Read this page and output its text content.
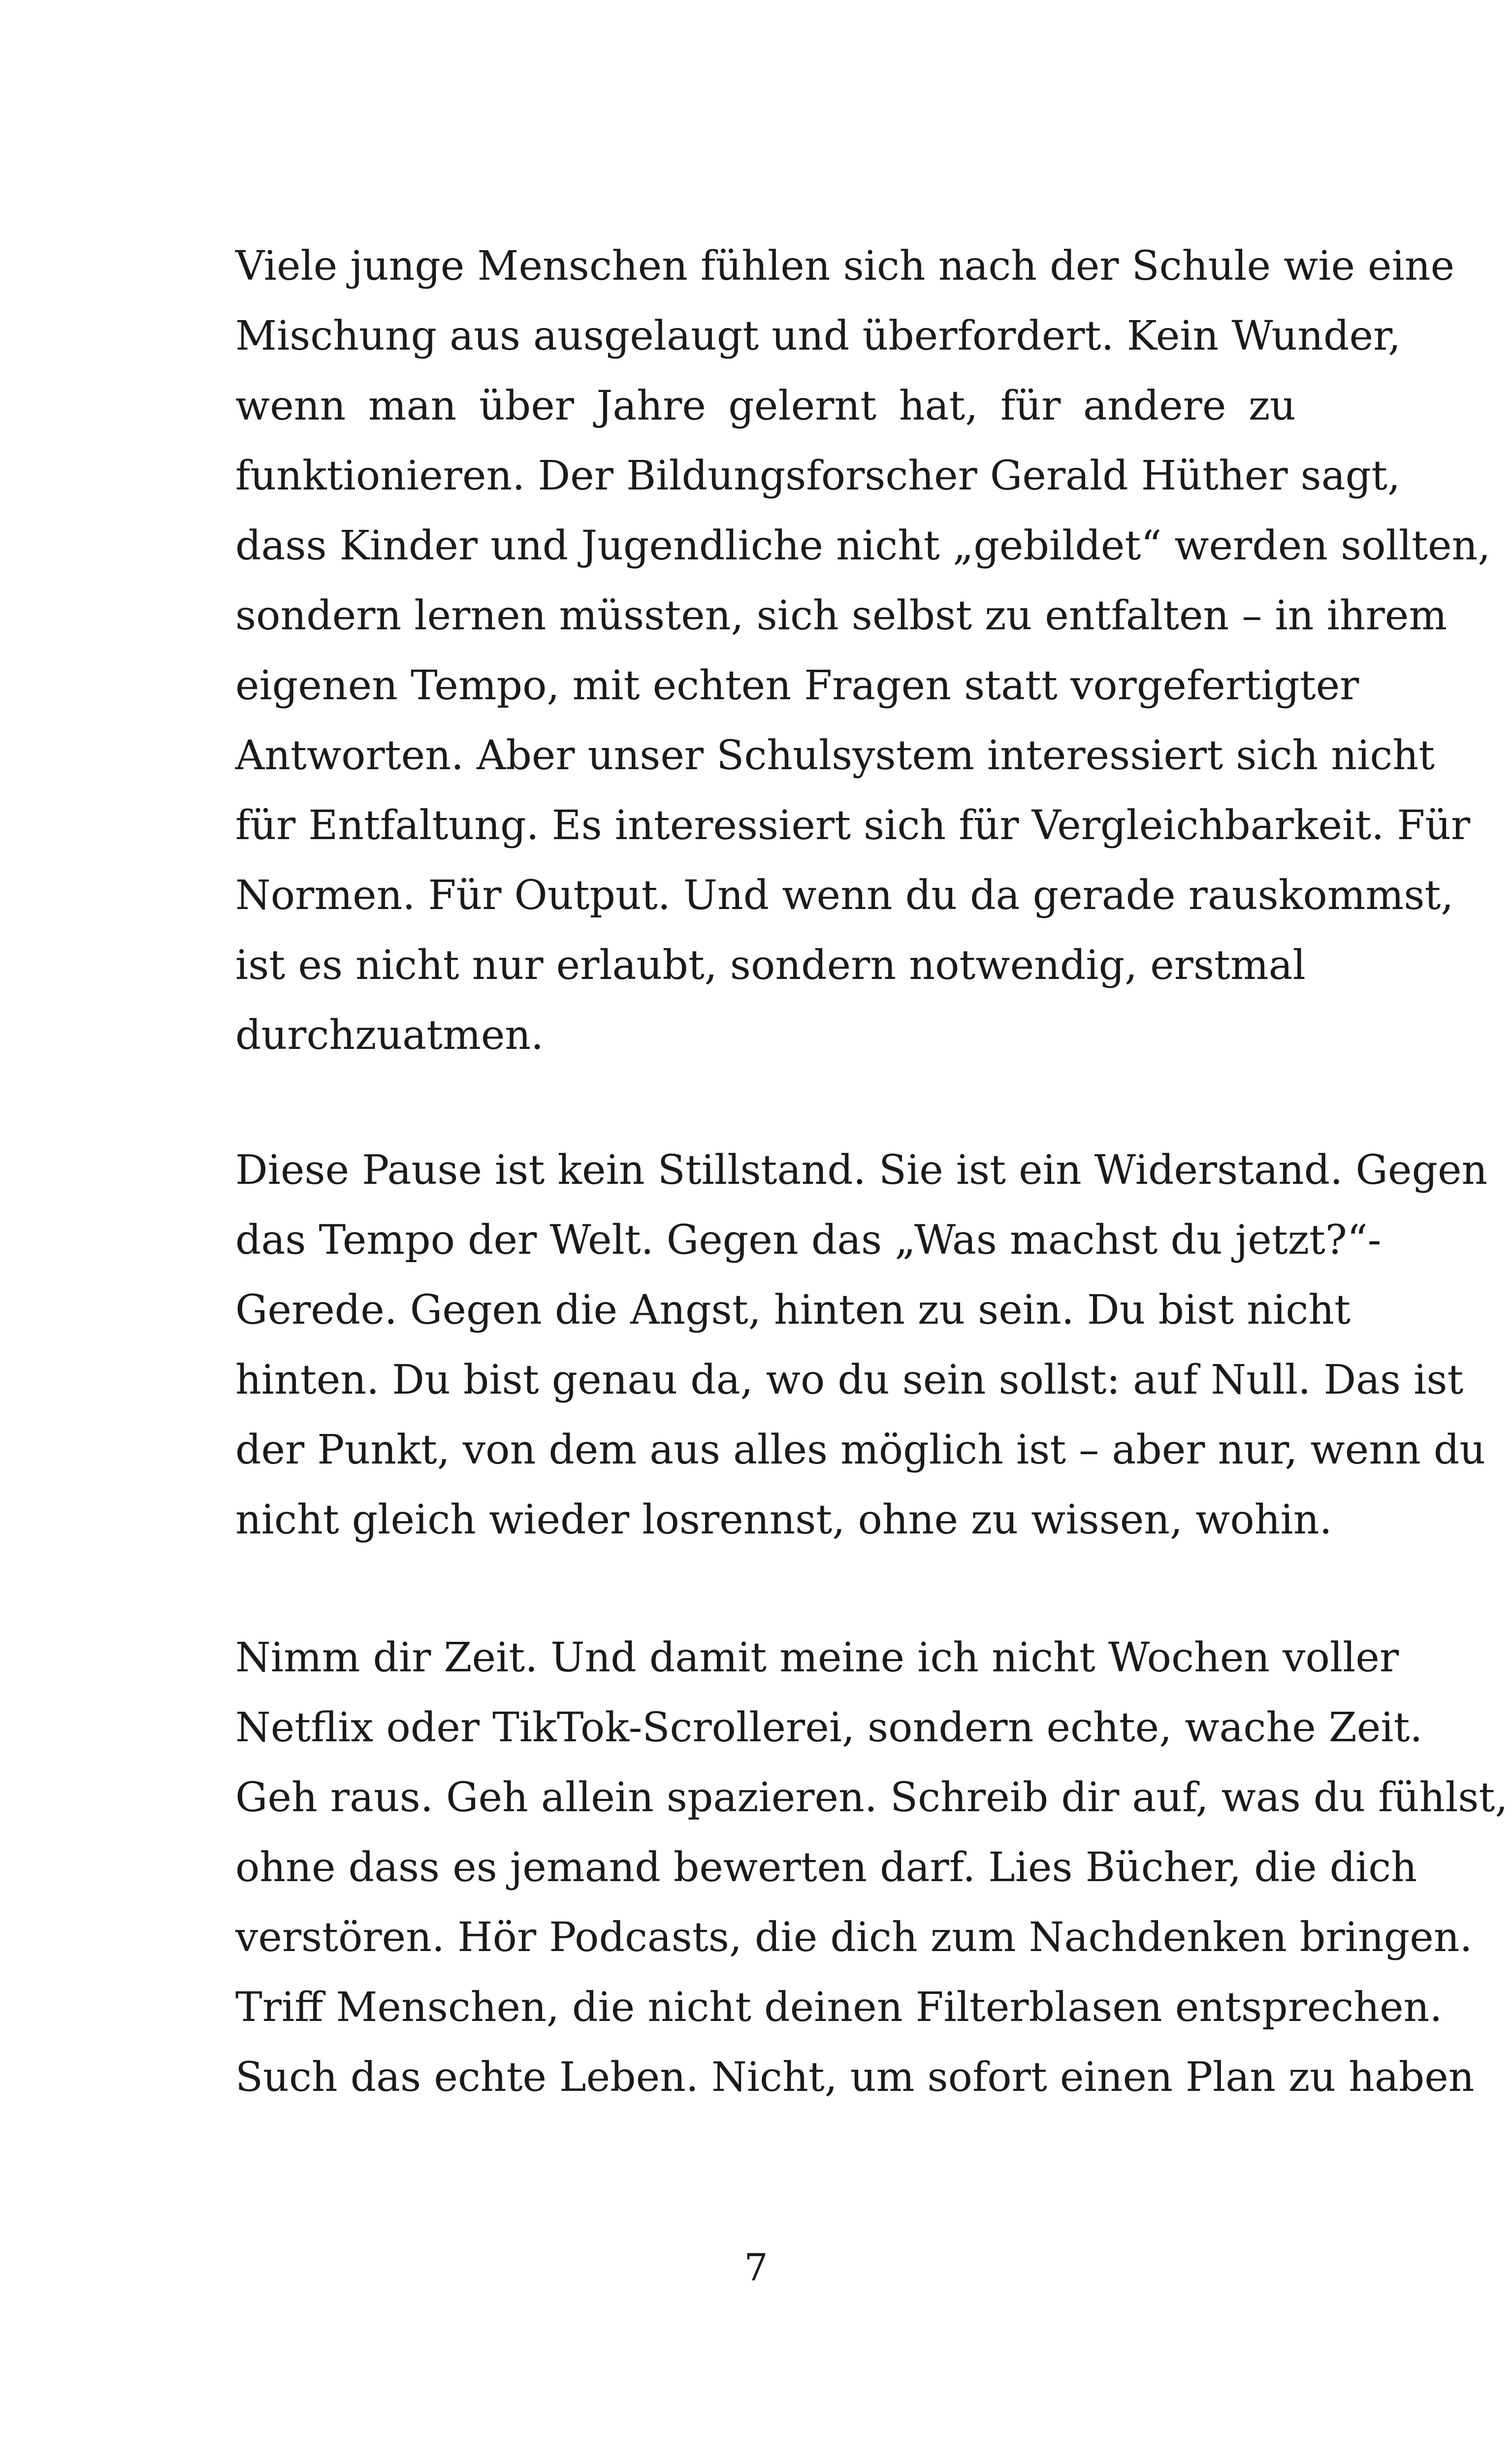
Viele junge Menschen fühlen sich nach der Schule wie eine
Mischung aus ausgelaugt und überfordert. Kein Wunder,
wenn man über Jahre gelernt hat, für andere zu
funktionieren. Der Bildungsforscher Gerald Hüther sagt,
dass Kinder und Jugendliche nicht „gebildet“ werden sollten,
sondern lernen müssten, sich selbst zu entfalten – in ihrem
eigenen Tempo, mit echten Fragen statt vorgefertigter
Antworten. Aber unser Schulsystem interessiert sich nicht
für Entfaltung. Es interessiert sich für Vergleichbarkeit. Für
Normen. Für Output. Und wenn du da gerade rauskommst,
ist es nicht nur erlaubt, sondern notwendig, erstmal
durchzuatmen.
Diese Pause ist kein Stillstand. Sie ist ein Widerstand. Gegen
das Tempo der Welt. Gegen das „Was machst du jetzt?“-
Gerede. Gegen die Angst, hinten zu sein. Du bist nicht
hinten. Du bist genau da, wo du sein sollst: auf Null. Das ist
der Punkt, von dem aus alles möglich ist – aber nur, wenn du
nicht gleich wieder losrennst, ohne zu wissen, wohin.
Nimm dir Zeit. Und damit meine ich nicht Wochen voller
Netflix oder TikTok-Scrollerei, sondern echte, wache Zeit.
Geh raus. Geh allein spazieren. Schreib dir auf, was du fühlst,
ohne dass es jemand bewerten darf. Lies Bücher, die dich
verstören. Hör Podcasts, die dich zum Nachdenken bringen.
Triff Menschen, die nicht deinen Filterblasen entsprechen.
Such das echte Leben. Nicht, um sofort einen Plan zu haben
7
